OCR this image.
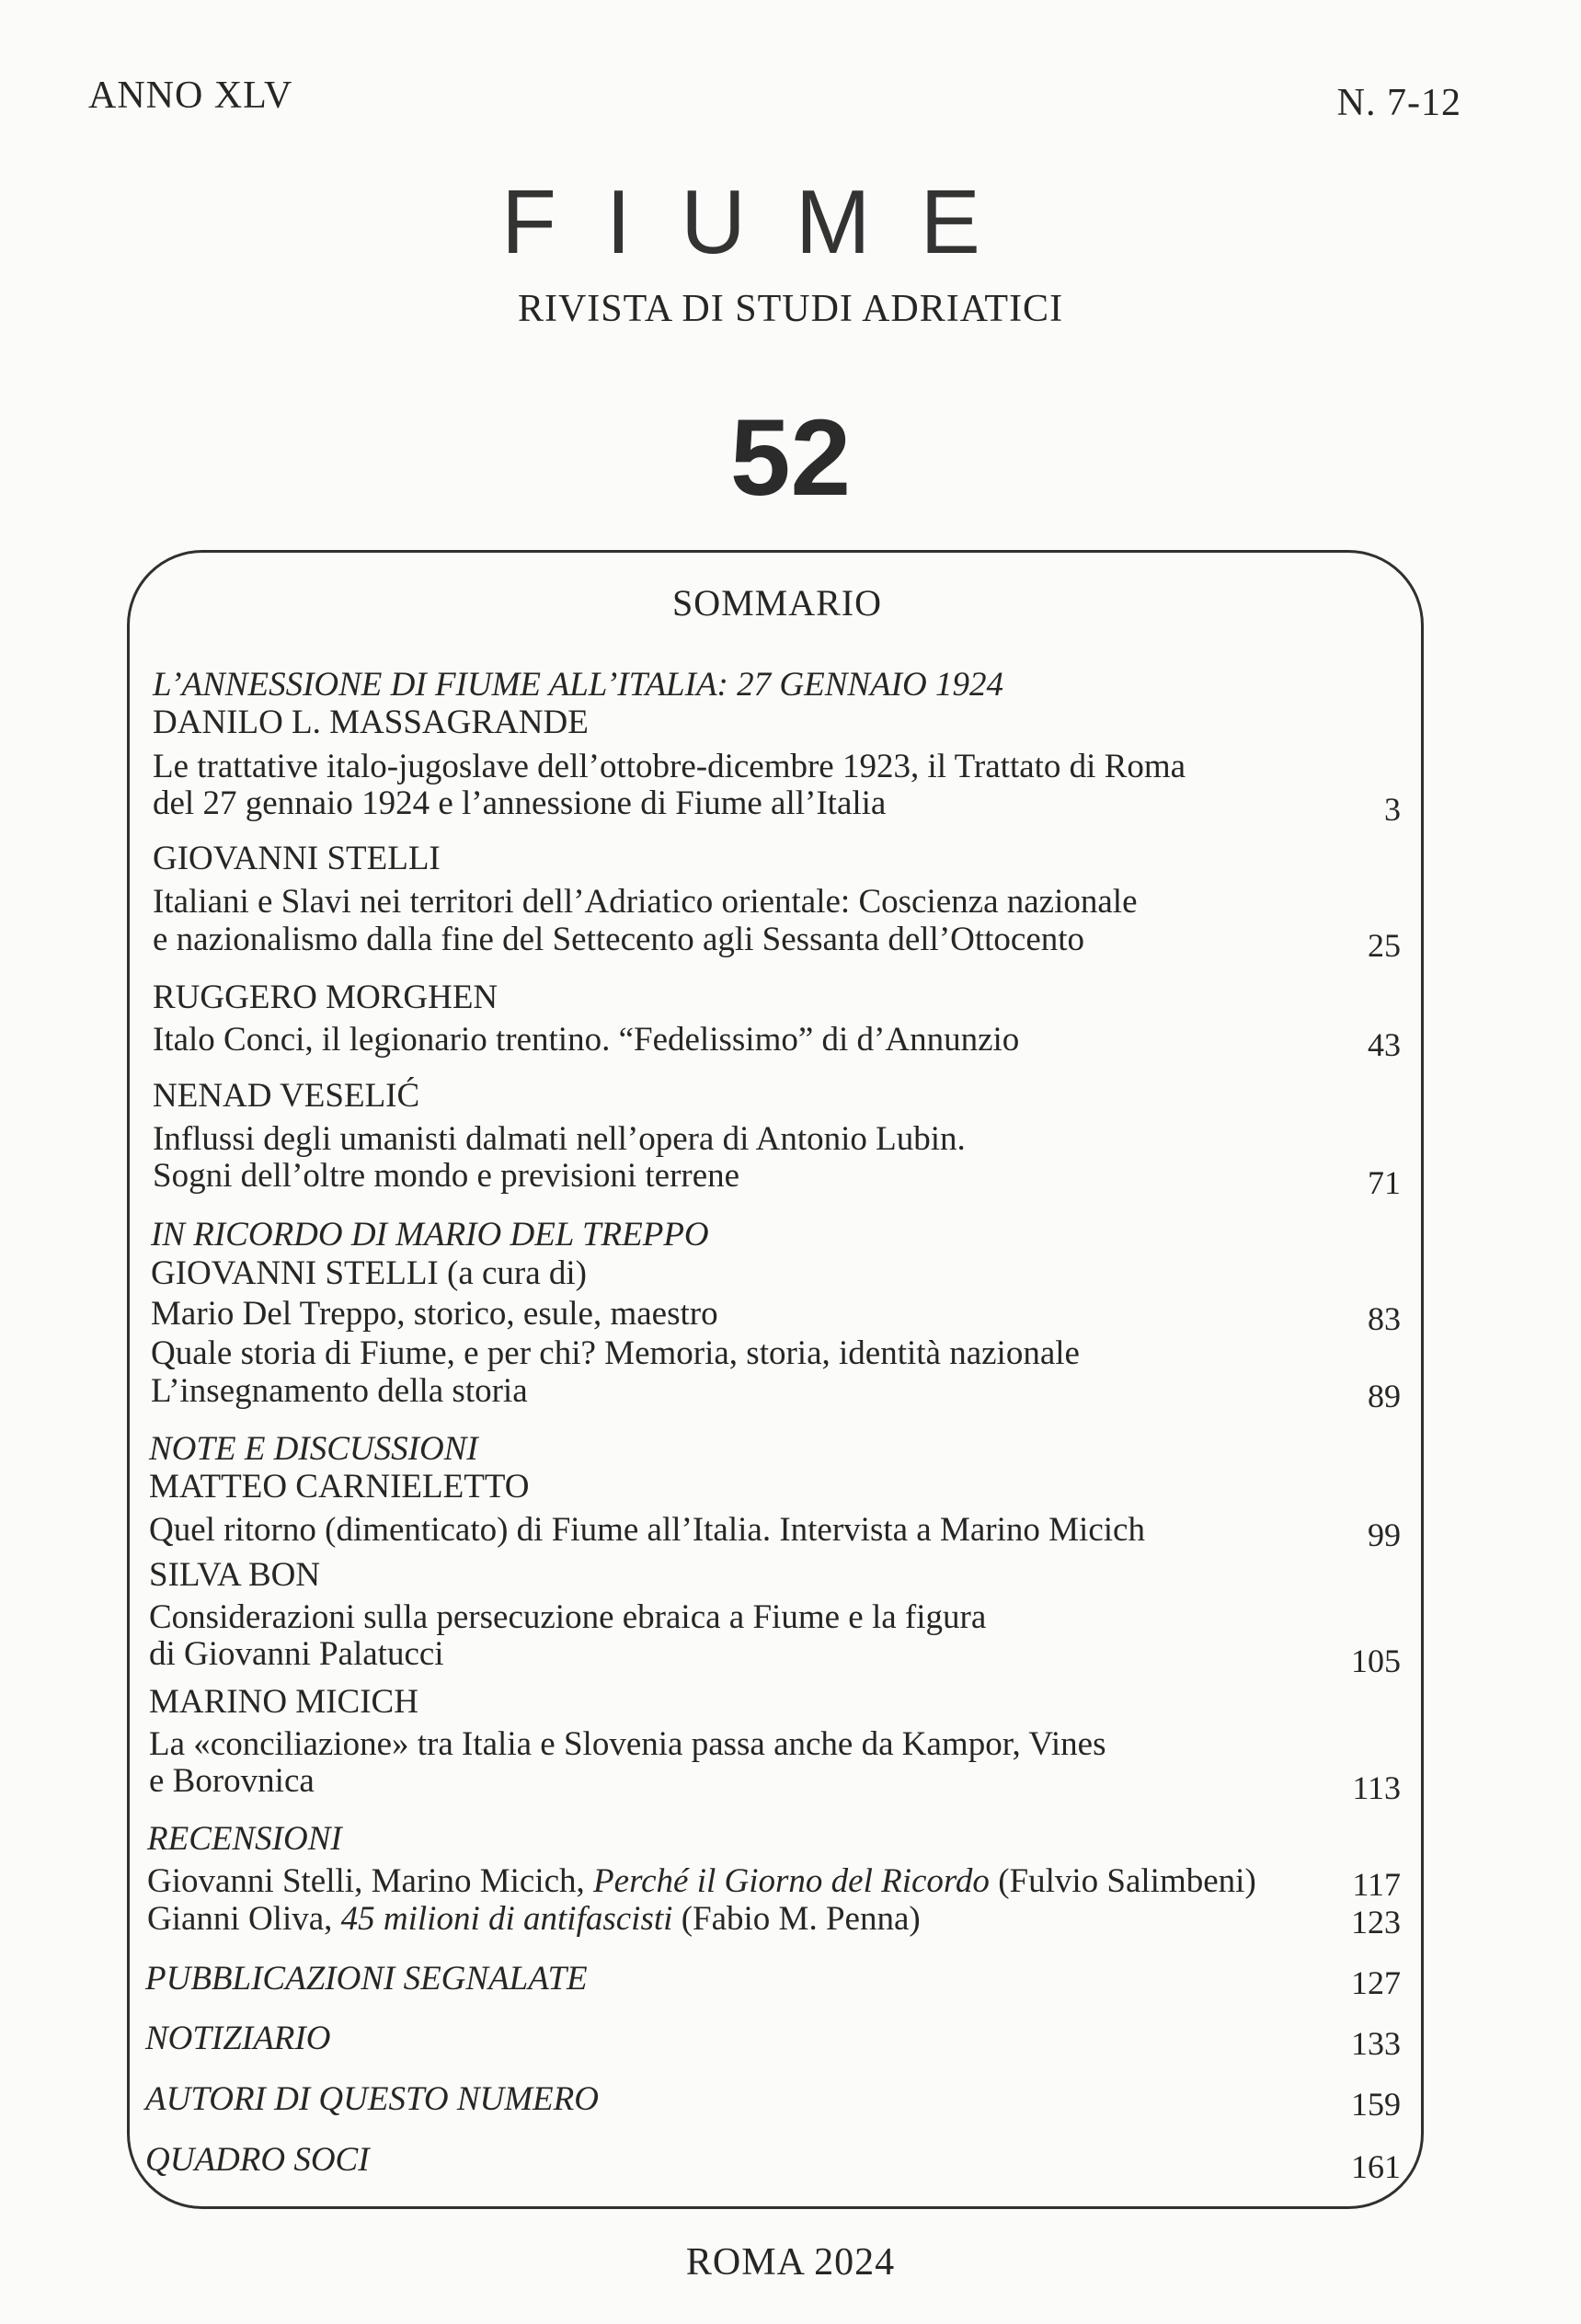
ANNO XLV	N. 7-12
FIUME
RIVISTA DI STUDI ADRIATICI
52
SOMMARIO
L’ANNESSIONE DI FIUME ALL’ITALIA: 27 GENNAIO 1924
DANILO L. MASSAGRANDE
Le trattative italo-jugoslave dell’ottobre-dicembre 1923, il Trattato di Roma
del 27 gennaio 1924 e l’annessione di Fiume all’Italia	3
GIOVANNI STELLI
Italiani e Slavi nei territori dell’Adriatico orientale: Coscienza nazionale
e nazionalismo dalla fine del Settecento agli Sessanta dell’Ottocento	25
RUGGERO MORGHEN
Italo Conci, il legionario trentino. “Fedelissimo” di d’Annunzio	43
NENAD VESELIĆ
Influssi degli umanisti dalmati nell’opera di Antonio Lubin.
Sogni dell’oltre mondo e previsioni terrene	71
IN RICORDO DI MARIO DEL TREPPO
GIOVANNI STELLI (a cura di)
Mario Del Treppo, storico, esule, maestro	83
Quale storia di Fiume, e per chi? Memoria, storia, identità nazionale
L’insegnamento della storia	89
NOTE E DISCUSSIONI
MATTEO CARNIELETTO
Quel ritorno (dimenticato) di Fiume all’Italia. Intervista a Marino Micich	99
SILVA BON
Considerazioni sulla persecuzione ebraica a Fiume e la figura
di Giovanni Palatucci	105
MARINO MICICH
La «conciliazione» tra Italia e Slovenia passa anche da Kampor, Vines
e Borovnica	113
RECENSIONI
Giovanni Stelli, Marino Micich, Perché il Giorno del Ricordo (Fulvio Salimbeni)	117
Gianni Oliva, 45 milioni di antifascisti (Fabio M. Penna)	123
PUBBLICAZIONI SEGNALATE	127
NOTIZIARIO	133
AUTORI DI QUESTO NUMERO	159
QUADRO SOCI	161
ROMA 2024
